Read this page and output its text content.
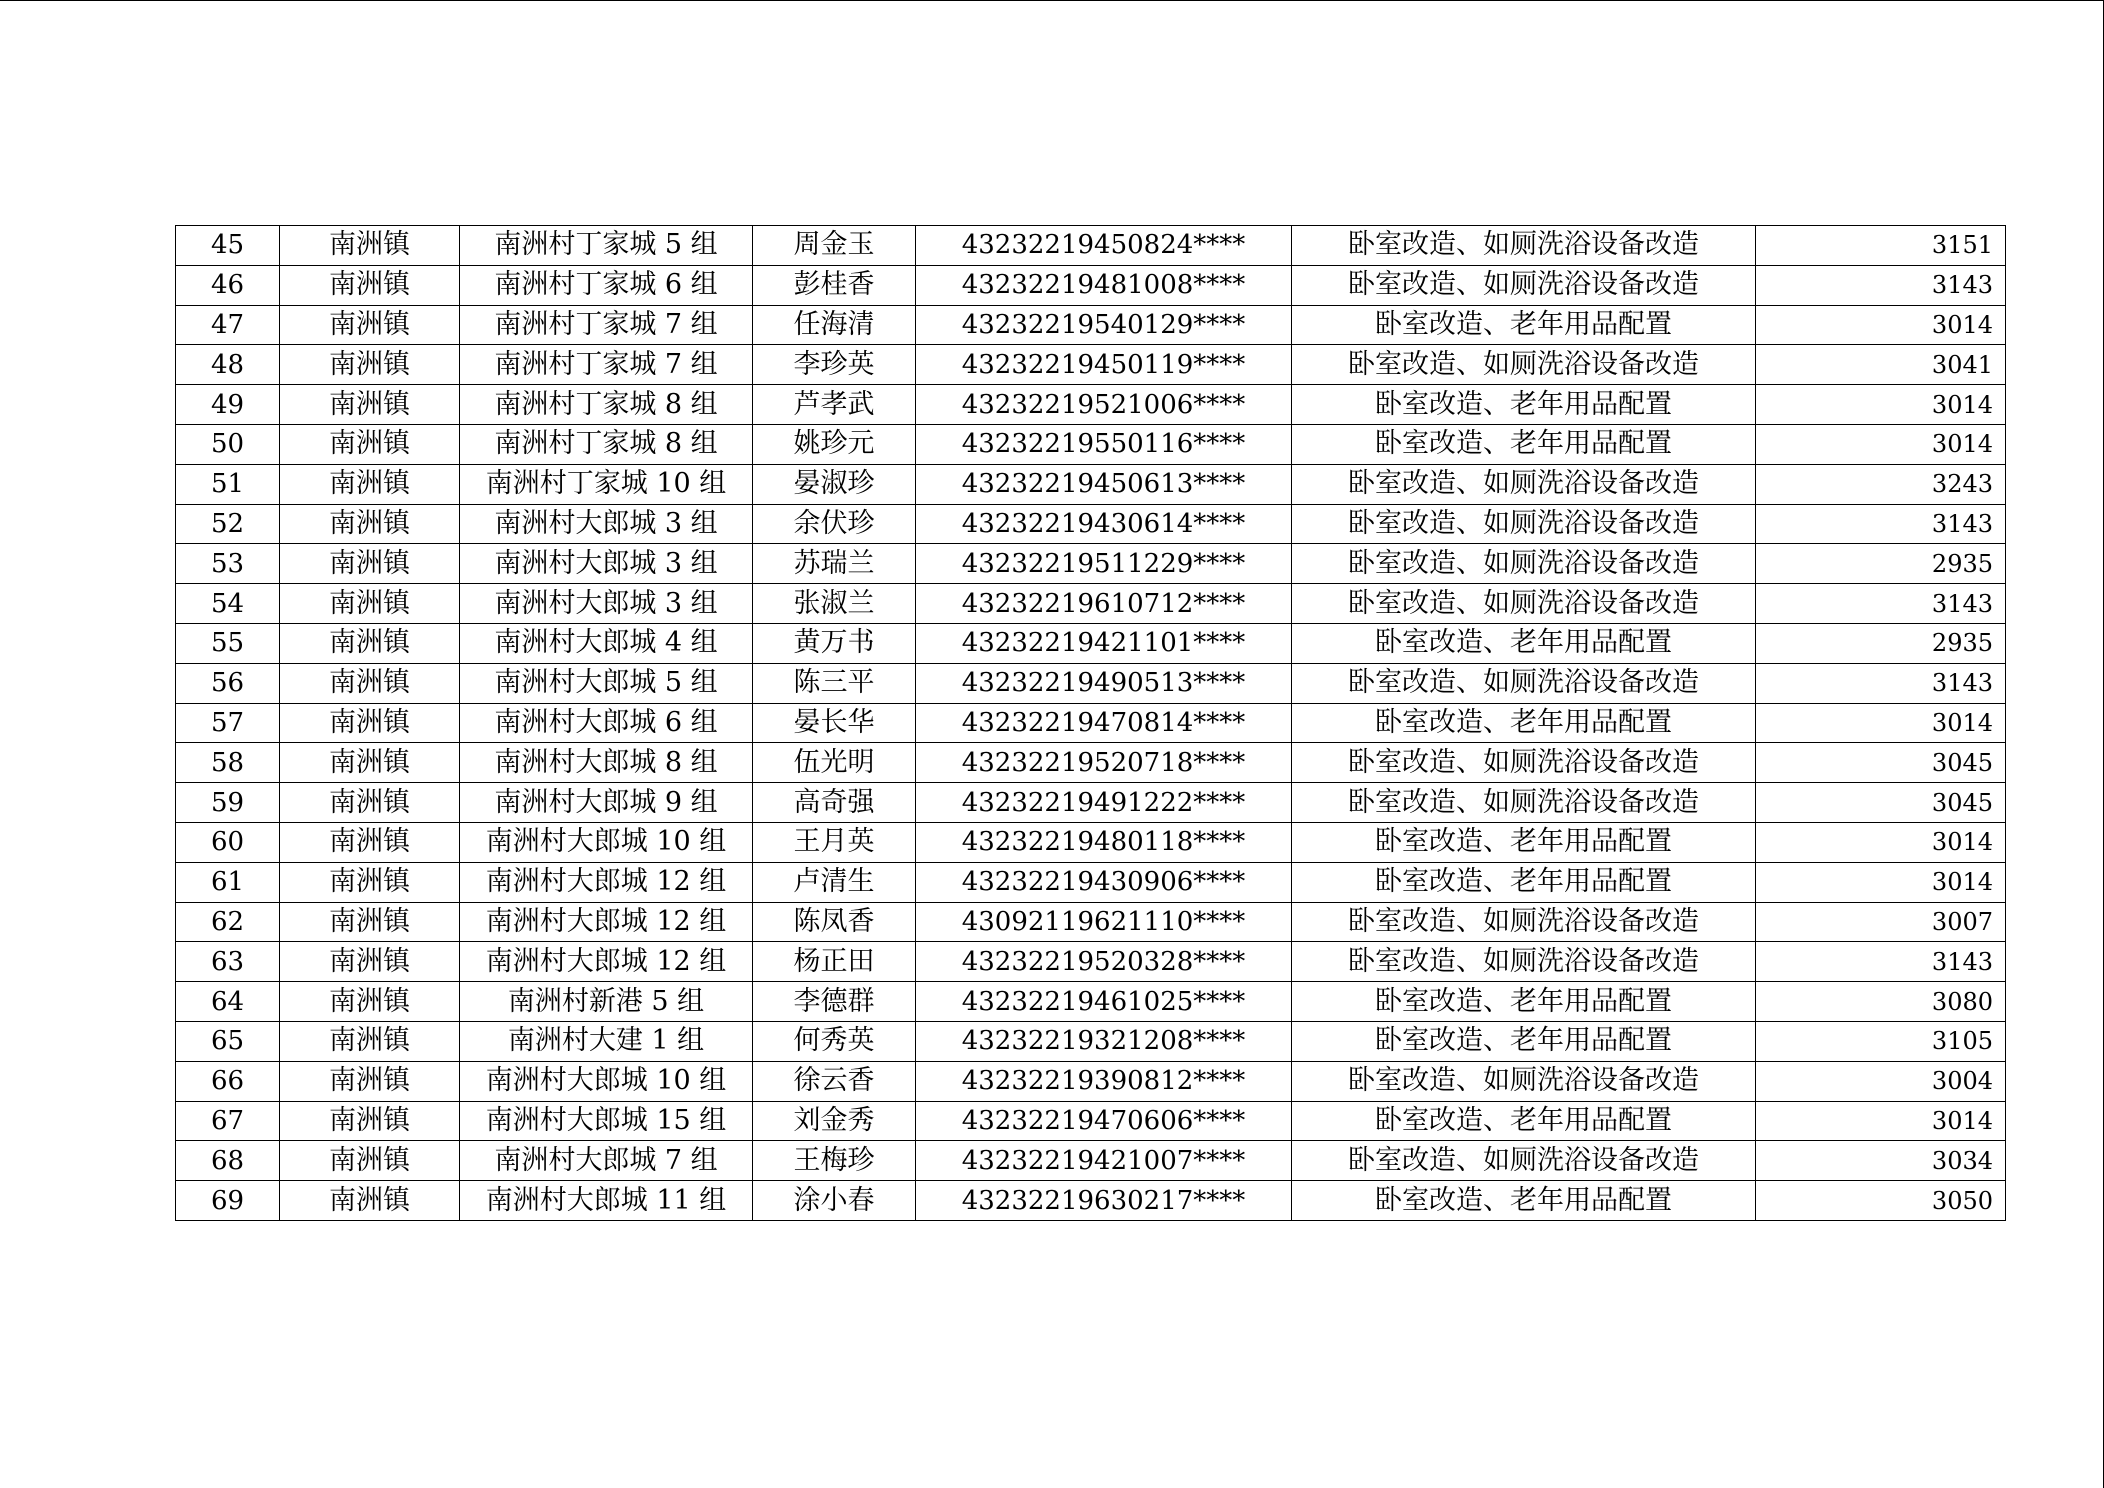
45	南洲镇	南洲村丁家城 5 组	周金玉	43232219450824****	卧室改造、如厕洗浴设备改造	3151
46	南洲镇	南洲村丁家城 6 组	彭桂香	43232219481008****	卧室改造、如厕洗浴设备改造	3143
47	南洲镇	南洲村丁家城 7 组	任海清	43232219540129****	卧室改造、老年用品配置	3014
48	南洲镇	南洲村丁家城 7 组	李珍英	43232219450119****	卧室改造、如厕洗浴设备改造	3041
49	南洲镇	南洲村丁家城 8 组	芦孝武	43232219521006****	卧室改造、老年用品配置	3014
50	南洲镇	南洲村丁家城 8 组	姚珍元	43232219550116****	卧室改造、老年用品配置	3014
51	南洲镇	南洲村丁家城 10 组	晏淑珍	43232219450613****	卧室改造、如厕洗浴设备改造	3243
52	南洲镇	南洲村大郎城 3 组	余伏珍	43232219430614****	卧室改造、如厕洗浴设备改造	3143
53	南洲镇	南洲村大郎城 3 组	苏瑞兰	43232219511229****	卧室改造、如厕洗浴设备改造	2935
54	南洲镇	南洲村大郎城 3 组	张淑兰	43232219610712****	卧室改造、如厕洗浴设备改造	3143
55	南洲镇	南洲村大郎城 4 组	黄万书	43232219421101****	卧室改造、老年用品配置	2935
56	南洲镇	南洲村大郎城 5 组	陈三平	43232219490513****	卧室改造、如厕洗浴设备改造	3143
57	南洲镇	南洲村大郎城 6 组	晏长华	43232219470814****	卧室改造、老年用品配置	3014
58	南洲镇	南洲村大郎城 8 组	伍光明	43232219520718****	卧室改造、如厕洗浴设备改造	3045
59	南洲镇	南洲村大郎城 9 组	高奇强	43232219491222****	卧室改造、如厕洗浴设备改造	3045
60	南洲镇	南洲村大郎城 10 组	王月英	43232219480118****	卧室改造、老年用品配置	3014
61	南洲镇	南洲村大郎城 12 组	卢清生	43232219430906****	卧室改造、老年用品配置	3014
62	南洲镇	南洲村大郎城 12 组	陈凤香	43092119621110****	卧室改造、如厕洗浴设备改造	3007
63	南洲镇	南洲村大郎城 12 组	杨正田	43232219520328****	卧室改造、如厕洗浴设备改造	3143
64	南洲镇	南洲村新港 5 组	李德群	43232219461025****	卧室改造、老年用品配置	3080
65	南洲镇	南洲村大建 1 组	何秀英	43232219321208****	卧室改造、老年用品配置	3105
66	南洲镇	南洲村大郎城 10 组	徐云香	43232219390812****	卧室改造、如厕洗浴设备改造	3004
67	南洲镇	南洲村大郎城 15 组	刘金秀	43232219470606****	卧室改造、老年用品配置	3014
68	南洲镇	南洲村大郎城 7 组	王梅珍	43232219421007****	卧室改造、如厕洗浴设备改造	3034
69	南洲镇	南洲村大郎城 11 组	涂小春	43232219630217****	卧室改造、老年用品配置	3050
